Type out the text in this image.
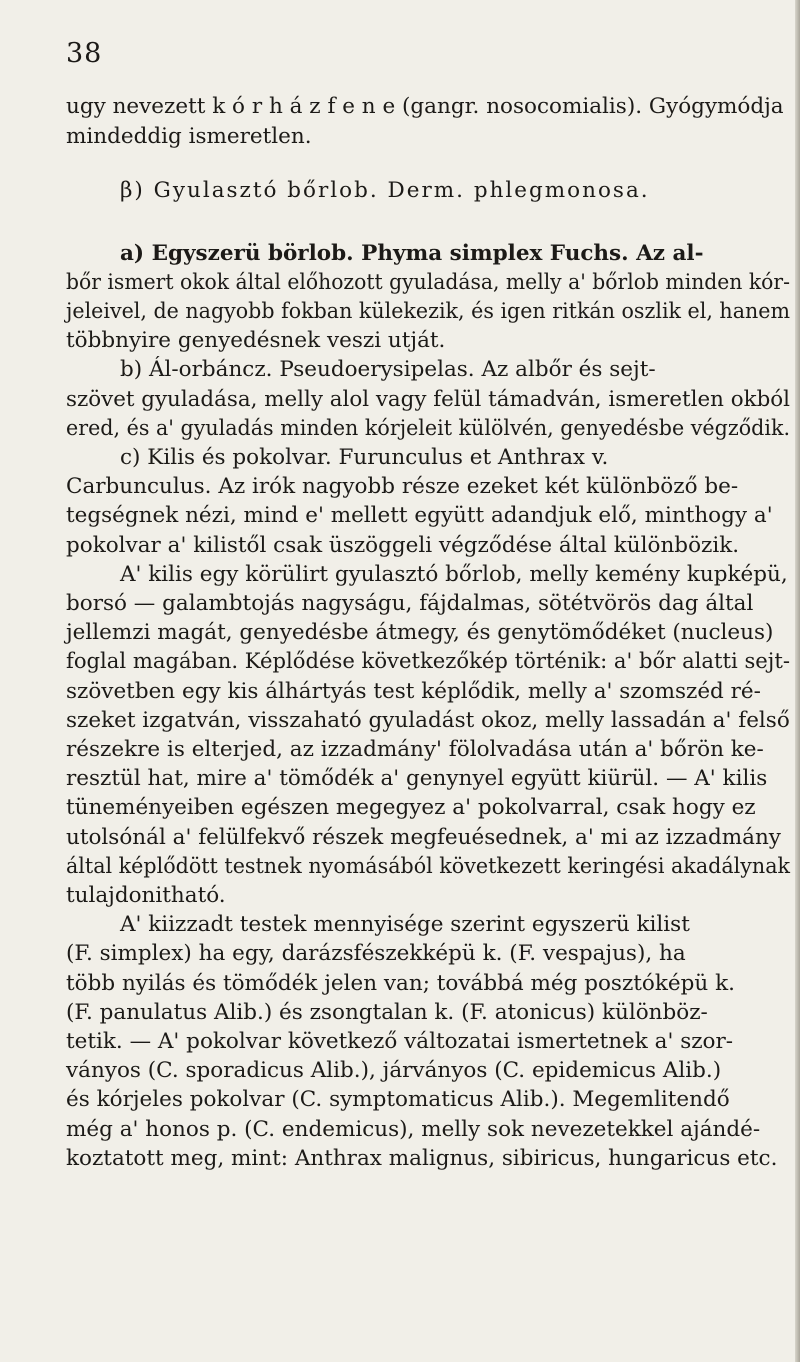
38
ugy nevezett k ó r h á z f e n e (gangr. nosocomialis). Gyógymódja
mindeddig ismeretlen.
β) Gyulasztó bőrlob. Derm. phlegmonosa.
a) Egyszerü börlob. Phyma simplex Fuchs. Az al-
bőr ismert okok által előhozott gyuladása, melly a' bőrlob minden kór-
jeleivel, de nagyobb fokban külekezik, és igen ritkán oszlik el, hanem
többnyire genyedésnek veszi utját.
b) Ál-orbáncz. Pseudoerysipelas. Az albőr és sejt-
szövet gyuladása, melly alol vagy felül támadván, ismeretlen okból
ered, és a' gyuladás minden kórjeleit külölvén, genyedésbe végződik.
c) Kilis és pokolvar. Furunculus et Anthrax v.
Carbunculus. Az irók nagyobb része ezeket két különböző be-
tegségnek nézi, mind e' mellett együtt adandjuk elő, minthogy a'
pokolvar a' kilistől csak üszöggeli végződése által különbözik.
A' kilis egy körülirt gyulasztó bőrlob, melly kemény kupképü,
borsó — galambtojás nagyságu, fájdalmas, sötétvörös dag által
jellemzi magát, genyedésbe átmegy, és genytömődéket (nucleus)
foglal magában. Képlődése következőkép történik: a' bőr alatti sejt-
szövetben egy kis álhártyás test képlődik, melly a' szomszéd ré-
szeket izgatván, visszaható gyuladást okoz, melly lassadán a' felső
részekre is elterjed, az izzadmány' fölolvadása után a' bőrön ke-
resztül hat, mire a' tömődék a' genynyel együtt kiürül. — A' kilis
tüneményeiben egészen megegyez a' pokolvarral, csak hogy ez
utolsónál a' felülfekvő részek megfeuésednek, a' mi az izzadmány
által képlődött testnek nyomásából következett keringési akadálynak
tulajdonitható.
A' kiizzadt testek mennyisége szerint egyszerü kilist
(F. simplex) ha egy, darázsfészekképü k. (F. vespajus), ha
több nyilás és tömődék jelen van; továbbá még posztóképü k.
(F. panulatus Alib.) és zsongtalan k. (F. atonicus) különböz-
tetik. — A' pokolvar következő változatai ismertetnek a' szor-
ványos (C. sporadicus Alib.), járványos (C. epidemicus Alib.)
és kórjeles pokolvar (C. symptomaticus Alib.). Megemlitendő
még a' honos p. (C. endemicus), melly sok nevezetekkel ajándé-
koztatott meg, mint: Anthrax malignus, sibiricus, hungaricus etc.
